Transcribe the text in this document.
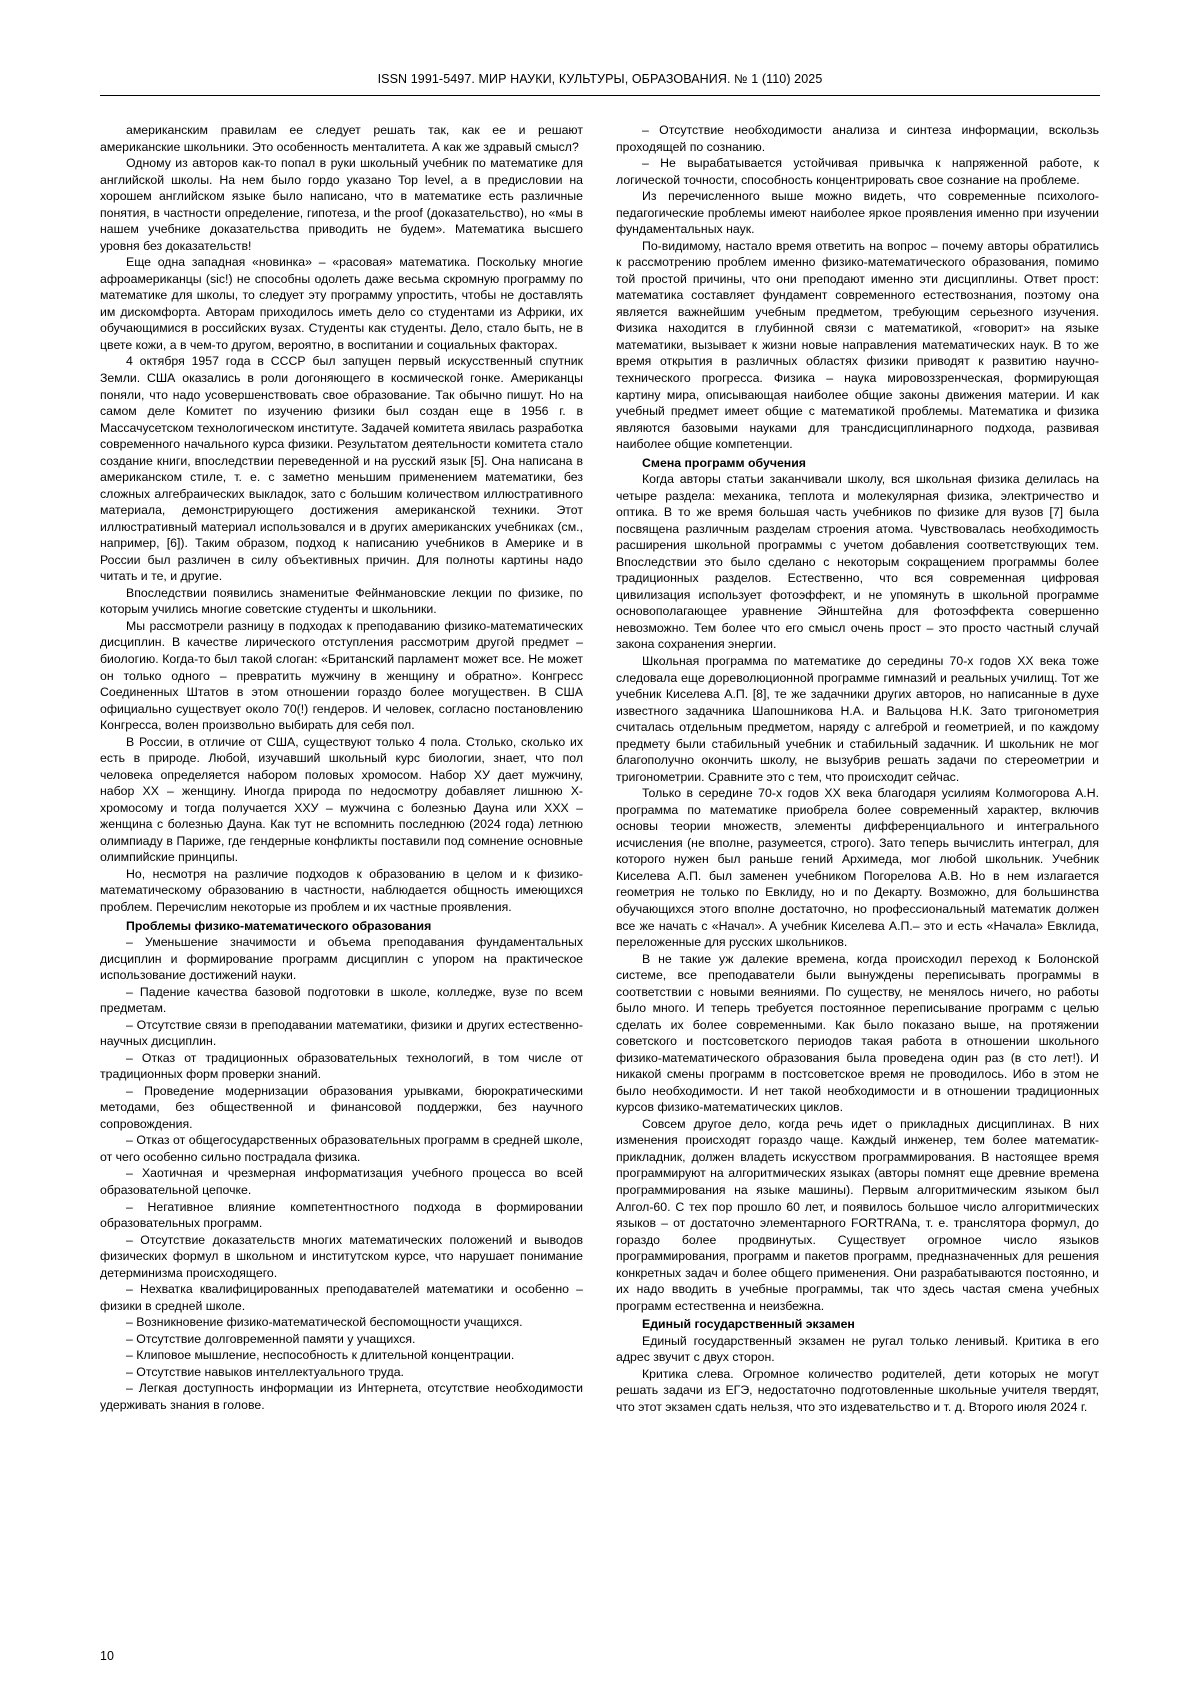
ISSN 1991-5497. МИР НАУКИ, КУЛЬТУРЫ, ОБРАЗОВАНИЯ. № 1 (110) 2025

американским правилам ее следует решать так, как ее и решают американские школьники. Это особенность менталитета. А как же здравый смысл?

Одному из авторов как-то попал в руки школьный учебник по математике для английской школы. На нем было гордо указано Top level, а в предисловии на хорошем английском языке было написано, что в математике есть различные понятия, в частности определение, гипотеза, и the proof (доказательство), но «мы в нашем учебнике доказательства приводить не будем». Математика высшего уровня без доказательств!

Еще одна западная «новинка» – «расовая» математика. Поскольку многие афроамериканцы (sic!) не способны одолеть даже весьма скромную программу по математике для школы, то следует эту программу упростить, чтобы не доставлять им дискомфорта. Авторам приходилось иметь дело со студентами из Африки, их обучающимися в российских вузах. Студенты как студенты. Дело, стало быть, не в цвете кожи, а в чем-то другом, вероятно, в воспитании и социальных факторах.

4 октября 1957 года в СССР был запущен первый искусственный спутник Земли. США оказались в роли догоняющего в космической гонке. Американцы поняли, что надо усовершенствовать свое образование. Так обычно пишут. Но на самом деле Комитет по изучению физики был создан еще в 1956 г. в Массачусетском технологическом институте. Задачей комитета явилась разработка современного начального курса физики. Результатом деятельности комитета стало создание книги, впоследствии переведенной и на русский язык [5]. Она написана в американском стиле, т. е. с заметно меньшим применением математики, без сложных алгебраических выкладок, зато с большим количеством иллюстративного материала, демонстрирующего достижения американской техники. Этот иллюстративный материал использовался и в других американских учебниках (см., например, [6]). Таким образом, подход к написанию учебников в Америке и в России был различен в силу объективных причин. Для полноты картины надо читать и те, и другие.

Впоследствии появились знаменитые Фейнмановские лекции по физике, по которым учились многие советские студенты и школьники.

Мы рассмотрели разницу в подходах к преподаванию физико-математических дисциплин. В качестве лирического отступления рассмотрим другой предмет – биологию. Когда-то был такой слоган: «Британский парламент может все. Не может он только одного – превратить мужчину в женщину и обратно». Конгресс Соединенных Штатов в этом отношении гораздо более могуществен. В США официально существует около 70(!) гендеров. И человек, согласно постановлению Конгресса, волен произвольно выбирать для себя пол.

В России, в отличие от США, существуют только 4 пола. Столько, сколько их есть в природе. Любой, изучавший школьный курс биологии, знает, что пол человека определяется набором половых хромосом. Набор ХУ дает мужчину, набор ХХ – женщину. Иногда природа по недосмотру добавляет лишнюю Х-хромосому и тогда получается ХХУ – мужчина с болезнью Дауна или ХХХ – женщина с болезнью Дауна. Как тут не вспомнить последнюю (2024 года) летнюю олимпиаду в Париже, где гендерные конфликты поставили под сомнение основные олимпийские принципы.

Но, несмотря на различие подходов к образованию в целом и к физико-математическому образованию в частности, наблюдается общность имеющихся проблем. Перечислим некоторые из проблем и их частные проявления.

Проблемы физико-математического образования

– Уменьшение значимости и объема преподавания фундаментальных дисциплин и формирование программ дисциплин с упором на практическое использование достижений науки.

– Падение качества базовой подготовки в школе, колледже, вузе по всем предметам.

– Отсутствие связи в преподавании математики, физики и других естественно-научных дисциплин.

– Отказ от традиционных образовательных технологий, в том числе от традиционных форм проверки знаний.

– Проведение модернизации образования урывками, бюрократическими методами, без общественной и финансовой поддержки, без научного сопровождения.

– Отказ от общегосударственных образовательных программ в средней школе, от чего особенно сильно пострадала физика.

– Хаотичная и чрезмерная информатизация учебного процесса во всей образовательной цепочке.

– Негативное влияние компетентностного подхода в формировании образовательных программ.

– Отсутствие доказательств многих математических положений и выводов физических формул в школьном и институтском курсе, что нарушает понимание детерминизма происходящего.

– Нехватка квалифицированных преподавателей математики и особенно – физики в средней школе.

– Возникновение физико-математической беспомощности учащихся.

– Отсутствие долговременной памяти у учащихся.

– Клиповое мышление, неспособность к длительной концентрации.

– Отсутствие навыков интеллектуального труда.

– Легкая доступность информации из Интернета, отсутствие необходимости удерживать знания в голове.

– Отсутствие необходимости анализа и синтеза информации, вскользь проходящей по сознанию.

– Не вырабатывается устойчивая привычка к напряженной работе, к логической точности, способность концентрировать свое сознание на проблеме.

Из перечисленного выше можно видеть, что современные психолого-педагогические проблемы имеют наиболее яркое проявления именно при изучении фундаментальных наук.

По-видимому, настало время ответить на вопрос – почему авторы обратились к рассмотрению проблем именно физико-математического образования, помимо той простой причины, что они преподают именно эти дисциплины. Ответ прост: математика составляет фундамент современного естествознания, поэтому она является важнейшим учебным предметом, требующим серьезного изучения. Физика находится в глубинной связи с математикой, «говорит» на языке математики, вызывает к жизни новые направления математических наук. В то же время открытия в различных областях физики приводят к развитию научно-технического прогресса. Физика – наука мировоззренческая, формирующая картину мира, описывающая наиболее общие законы движения материи. И как учебный предмет имеет общие с математикой проблемы. Математика и физика являются базовыми науками для трансдисциплинарного подхода, развивая наиболее общие компетенции.

Смена программ обучения

Когда авторы статьи заканчивали школу, вся школьная физика делилась на четыре раздела: механика, теплота и молекулярная физика, электричество и оптика. В то же время большая часть учебников по физике для вузов [7] была посвящена различным разделам строения атома. Чувствовалась необходимость расширения школьной программы с учетом добавления соответствующих тем. Впоследствии это было сделано с некоторым сокращением программы более традиционных разделов. Естественно, что вся современная цифровая цивилизация использует фотоэффект, и не упомянуть в школьной программе основополагающее уравнение Эйнштейна для фотоэффекта совершенно невозможно. Тем более что его смысл очень прост – это просто частный случай закона сохранения энергии.

Школьная программа по математике до середины 70-х годов ХХ века тоже следовала еще дореволюционной программе гимназий и реальных училищ. Тот же учебник Киселева А.П. [8], те же задачники других авторов, но написанные в духе известного задачника Шапошникова Н.А. и Вальцова Н.К. Зато тригонометрия считалась отдельным предметом, наряду с алгеброй и геометрией, и по каждому предмету были стабильный учебник и стабильный задачник. И школьник не мог благополучно окончить школу, не вызубрив решать задачи по стереометрии и тригонометрии. Сравните это с тем, что происходит сейчас.

Только в середине 70-х годов ХХ века благодаря усилиям Колмогорова А.Н. программа по математике приобрела более современный характер, включив основы теории множеств, элементы дифференциального и интегрального исчисления (не вполне, разумеется, строго). Зато теперь вычислить интеграл, для которого нужен был раньше гений Архимеда, мог любой школьник. Учебник Киселева А.П. был заменен учебником Погорелова А.В. Но в нем излагается геометрия не только по Евклиду, но и по Декарту. Возможно, для большинства обучающихся этого вполне достаточно, но профессиональный математик должен все же начать с «Начал». А учебник Киселева А.П.– это и есть «Начала» Евклида, переложенные для русских школьников.

В не такие уж далекие времена, когда происходил переход к Болонской системе, все преподаватели были вынуждены переписывать программы в соответствии с новыми веяниями. По существу, не менялось ничего, но работы было много. И теперь требуется постоянное переписывание программ с целью сделать их более современными. Как было показано выше, на протяжении советского и постсоветского периодов такая работа в отношении школьного физико-математического образования была проведена один раз (в сто лет!). И никакой смены программ в постсоветское время не проводилось. Ибо в этом не было необходимости. И нет такой необходимости и в отношении традиционных курсов физико-математических циклов.

Совсем другое дело, когда речь идет о прикладных дисциплинах. В них изменения происходят гораздо чаще. Каждый инженер, тем более математик-прикладник, должен владеть искусством программирования. В настоящее время программируют на алгоритмических языках (авторы помнят еще древние времена программирования на языке машины). Первым алгоритмическим языком был Алгол-60. С тех пор прошло 60 лет, и появилось большое число алгоритмических языков – от достаточно элементарного FORTRANa, т. е. транслятора формул, до гораздо более продвинутых. Существует огромное число языков программирования, программ и пакетов программ, предназначенных для решения конкретных задач и более общего применения. Они разрабатываются постоянно, и их надо вводить в учебные программы, так что здесь частая смена учебных программ естественна и неизбежна.

Единый государственный экзамен

Единый государственный экзамен не ругал только ленивый. Критика в его адрес звучит с двух сторон.

Критика слева. Огромное количество родителей, дети которых не могут решать задачи из ЕГЭ, недостаточно подготовленные школьные учителя твердят, что этот экзамен сдать нельзя, что это издевательство и т. д. Второго июля 2024 г.

10
